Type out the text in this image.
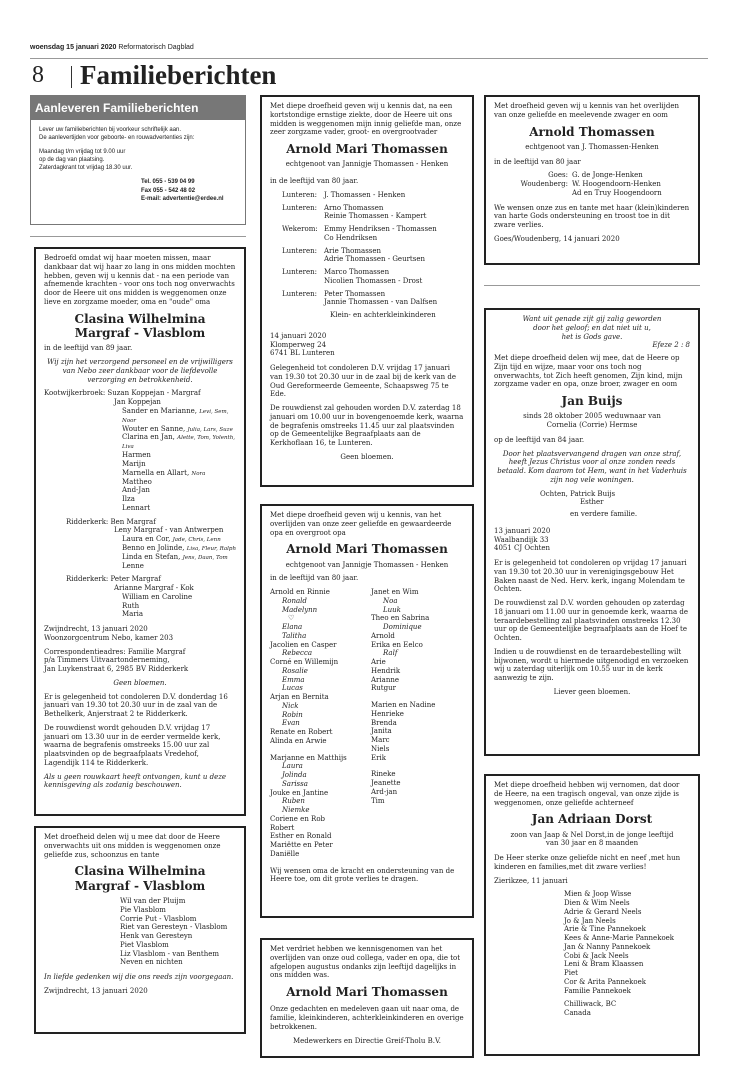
woensdag 15 januari 2020 Reformatorisch Dagblad
8 Familieberichten
Aanleveren Familieberichten
Lever uw familieberichten bij voorkeur schriftelijk aan.
De aanlevertijden voor geboorte- en rouwadvertenties zijn:
Maandag t/m vrijdag tot 9.00 uur
op de dag van plaatsing.
Zaterdagkrant tot vrijdag 18.30 uur.
Tel. 055 - 539 04 99
Fax 055 - 542 48 02
E-mail: advertentie@erdee.nl

Bedroefd omdat wij haar moeten missen, maar dankbaar dat wij haar zo lang in ons midden mochten hebben, geven wij u kennis dat - na een periode van afnemende krachten - voor ons toch nog onverwachts door de Heere uit ons midden is weggenomen onze lieve en zorgzame moeder, oma en "oude" oma

Clasina Wilhelmina
Margraf - Vlasblom

in de leeftijd van 89 jaar.

Wij zijn het verzorgend personeel en de vrijwilligers van Nebo zeer dankbaar voor de liefdevolle verzorging en betrokkenheid.

Kootwijkerbroek: Suzan Koppejan - Margraf
Jan Koppejan
Sander en Marianne, Levi, Sem, Noor
Wouter en Sanne, Julia, Lars, Suze
Clarina en Jan, Alette, Tom, Yolenth, Liva
Harmen
Marijn
Marnella en Allart, Nora
Mattheo
And-Jan
Ilza
Lennart
Ridderkerk: Ben Margraf
Leny Margraf - van Antwerpen
Laura en Cor, Jade, Chris, Lenn
Benno en Jolinde, Lisa, Fleur, Ralph
Linda en Stefan, Jens, Daan, Tom
Lenne
Ridderkerk: Peter Margraf
Arianne Margraf - Kok
William en Caroline
Ruth
Maria
Zwijndrecht, 13 januari 2020
Woonzorgcentrum Nebo, kamer 203
Correspondentieadres: Familie Margraf
p/a Timmers Uitvaartonderneming,
Jan Luykenstraat 6, 2985 BV Ridderkerk

Geen bloemen.

Er is gelegenheid tot condoleren D.V. donderdag 16 januari van 19.30 tot 20.30 uur in de zaal van de Bethelkerk, Anjerstraat 2 te Ridderkerk.

De rouwdienst wordt gehouden D.V. vrijdag 17 januari om 13.30 uur in de eerder vermelde kerk, waarna de begrafenis omstreeks 15.00 uur zal plaatsvinden op de begraafplaats Vredehof, Lagendijk 114 te Ridderkerk.

Als u geen rouwkaart heeft ontvangen, kunt u deze kennisgeving als zodanig beschouwen.

Met droefheid delen wij u mee dat door de Heere onverwachts uit ons midden is weggenomen onze geliefde zus, schoonzus en tante

Clasina Wilhelmina
Margraf - Vlasblom
Wil van der Pluijm
Pie Vlasblom
Corrie Put - Vlasblom
Riet van Geresteyn - Vlasblom
Henk van Geresteyn
Piet Vlasblom
Liz Vlasblom - van Benthem
Neven en nichten

In liefde gedenken wij die ons reeds zijn voorgegaan.

Zwijndrecht, 13 januari 2020

Met diepe droefheid geven wij u kennis dat, na een kortstondige ernstige ziekte, door de Heere uit ons midden is weggenomen mijn innig geliefde man, onze zeer zorgzame vader, groot- en overgrootvader

Arnold Mari Thomassen
echtgenoot van Jannigje Thomassen - Henken

in de leeftijd van 80 jaar.

Lunteren:	J. Thomassen - Henken
Lunteren:	Arno Thomassen
Reinie Thomassen - Kampert
Wekerom: Emmy Hendriksen - Thomassen
Co Hendriksen
Lunteren:	Arie Thomassen
Adrie Thomassen - Geurtsen
Lunteren:	Marco Thomassen
Nicolien Thomassen - Drost
Lunteren:	Peter Thomassen
Jannie Thomassen - van Dalfsen
Klein- en achterkleinkinderen
14 januari 2020
Klomperweg 24
6741 BL Lunteren

Gelegenheid tot condoleren D.V. vrijdag 17 januari van 19.30 tot 20.30 uur in de zaal bij de kerk van de Oud Gereformeerde Gemeente, Schaapsweg 75 te Ede.

De rouwdienst zal gehouden worden D.V. zaterdag 18 januari om 10.00 uur in bovengenoemde kerk, waarna de begrafenis omstreeks 11.45 uur zal plaatsvinden op de Gemeentelijke Begraafplaats aan de Kerkhoflaan 16, te Lunteren.

Geen bloemen.

Met diepe droefheid geven wij u kennis, van het overlijden van onze zeer geliefde en gewaardeerde opa en overgroot opa

Arnold Mari Thomassen
echtgenoot van Jannigje Thomassen - Henken

in de leeftijd van 80 jaar.

Arnold en Rinnie
Ronald
Madelynn
♡
Elana
Talitha
Jacolien en Casper
Rebecca
Corné en Willemijn
Rosalie
Emma
Lucas
Arjan en Bernita
Nick
Robin
Evan
Renate en Robert
Alinda en Arwie
Marjanne en Matthijs
Laura
Jolinda
Sarissa
Jouke en Jantine
Ruben
Niemke
Coriene en Rob
Robert
Esther en Ronald
Mariëtte en Peter
Daniëlle
Janet en Wim
Noa
Luuk
Theo en Sabrina
Dominique
Arnold
Erika en Eelco
Ralf
Arie
Hendrik
Arianne
Rutgur
Marien en Nadine
Henrieke
Brenda
Janita
Marc
Niels
Erik
Rineke
Jeanette
Ard-jan
Tim

Wij wensen oma de kracht en ondersteuning van de Heere toe, om dit grote verlies te dragen.

Met verdriet hebben we kennisgenomen van het overlijden van onze oud collega, vader en opa, die tot afgelopen augustus ondanks zijn leeftijd dagelijks in ons midden was.

Arnold Mari Thomassen

Onze gedachten en medeleven gaan uit naar oma, de familie, kleinkinderen, achterkleinkinderen en overige betrokkenen.

Medewerkers en Directie Greif-Tholu B.V.

Met droefheid geven wij u kennis van het overlijden van onze geliefde en meelevende zwager en oom

Arnold Thomassen
echtgenoot van J. Thomassen-Henken

in de leeftijd van 80 jaar

Goes: G. de Jonge-Henken
Woudenberg: W. Hoogendoorn-Henken
Ad en Truy Hoogendoorn

We wensen onze zus en tante met haar (klein)kinderen van harte Gods ondersteuning en troost toe in dit zware verlies.

Goes/Woudenberg, 14 januari 2020

Want uit genade zijt gij zalig geworden
door het geloof; en dat niet uit u,
het is Gods gave.
Efeze 2 : 8

Met diepe droefheid delen wij mee, dat de Heere op Zijn tijd en wijze, maar voor ons toch nog onverwachts, tot Zich heeft genomen, Zijn kind, mijn zorgzame vader en opa, onze broer, zwager en oom

Jan Buijs
sinds 28 oktober 2005 weduwnaar van
Cornelia (Corrie) Hermse

op de leeftijd van 84 jaar.

Door het plaatsvervangend dragen van onze straf, heeft Jezus Christus voor al onze zonden reeds betaald. Kom daarom tot Hem, want in het Vaderhuis zijn nog vele woningen.

Ochten, Patrick Buijs
Esther
en verdere familie.
13 januari 2020
Waalbandijk 33
4051 CJ Ochten

Er is gelegenheid tot condoleren op vrijdag 17 januari van 19.30 tot 20.30 uur in verenigingsgebouw Het Baken naast de Ned. Herv. kerk, ingang Molendam te Ochten.

De rouwdienst zal D.V. worden gehouden op zaterdag 18 januari om 11.00 uur in genoemde kerk, waarna de teraardebestelling zal plaatsvinden omstreeks 12.30 uur op de Gemeentelijke begraafplaats aan de Hoef te Ochten.

Indien u de rouwdienst en de teraardebestelling wilt bijwonen, wordt u hiermede uitgenodigd en verzoeken wij u zaterdag uiterlijk om 10.55 uur in de kerk aanwezig te zijn.

Liever geen bloemen.

Met diepe droefheid hebben wij vernomen, dat door de Heere, na een tragisch ongeval, van onze zijde is weggenomen, onze geliefde achterneef

Jan Adriaan Dorst
zoon van Jaap & Nel Dorst,in de jonge leeftijd
van 30 jaar en 8 maanden

De Heer sterke onze geliefde nicht en neef ,met hun kinderen en families,met dit zware verlies!

Zierikzee, 11 januari

Mien & Joop Wisse
Dien & Wim Neels
Adrie & Gerard Neels
Jo & Jan Neels
Arie & Tine Pannekoek
Kees & Anne-Marie Pannekoek
Jan & Nanny Pannekoek
Cobi & Jack Neels
Leni & Bram Klaassen
Piet
Cor & Arita Pannekoek
Familie Pannekoek
Chilliwack, BC
Canada
